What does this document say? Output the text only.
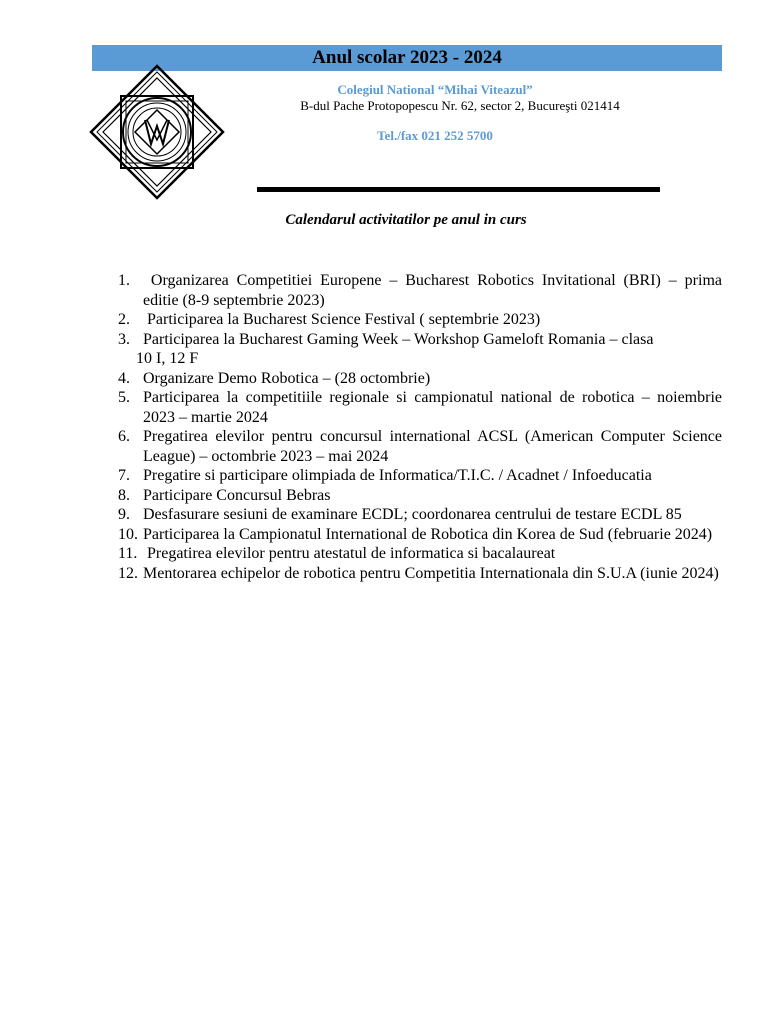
Anul scolar 2023 - 2024
Colegiul National “Mihai Viteazul”
B-dul Pache Protopopescu Nr. 62, sector 2, Bucureşti 021414
Tel./fax 021 252 5700
Calendarul activitatilor pe anul in curs
1. Organizarea Competitiei Europene – Bucharest Robotics Invitational (BRI) – prima editie (8-9 septembrie 2023)
2. Participarea la Bucharest Science Festival ( septembrie 2023)
3. Participarea la Bucharest Gaming Week – Workshop Gameloft Romania – clasa
10 I, 12 F
4. Organizare Demo Robotica – (28 octombrie)
5. Participarea la competitiile regionale si campionatul national de robotica – noiembrie 2023 – martie 2024
6. Pregatirea elevilor pentru concursul international ACSL (American Computer Science League) – octombrie 2023 – mai 2024
7. Pregatire si participare olimpiada de Informatica/T.I.C. / Acadnet / Infoeducatia
8. Participare Concursul Bebras
9. Desfasurare sesiuni de examinare ECDL; coordonarea centrului de testare ECDL 85
10. Participarea la Campionatul International de Robotica din Korea de Sud (februarie 2024)
11. Pregatirea elevilor pentru atestatul de informatica si bacalaureat
12. Mentorarea echipelor de robotica pentru Competitia Internationala din S.U.A (iunie 2024)
